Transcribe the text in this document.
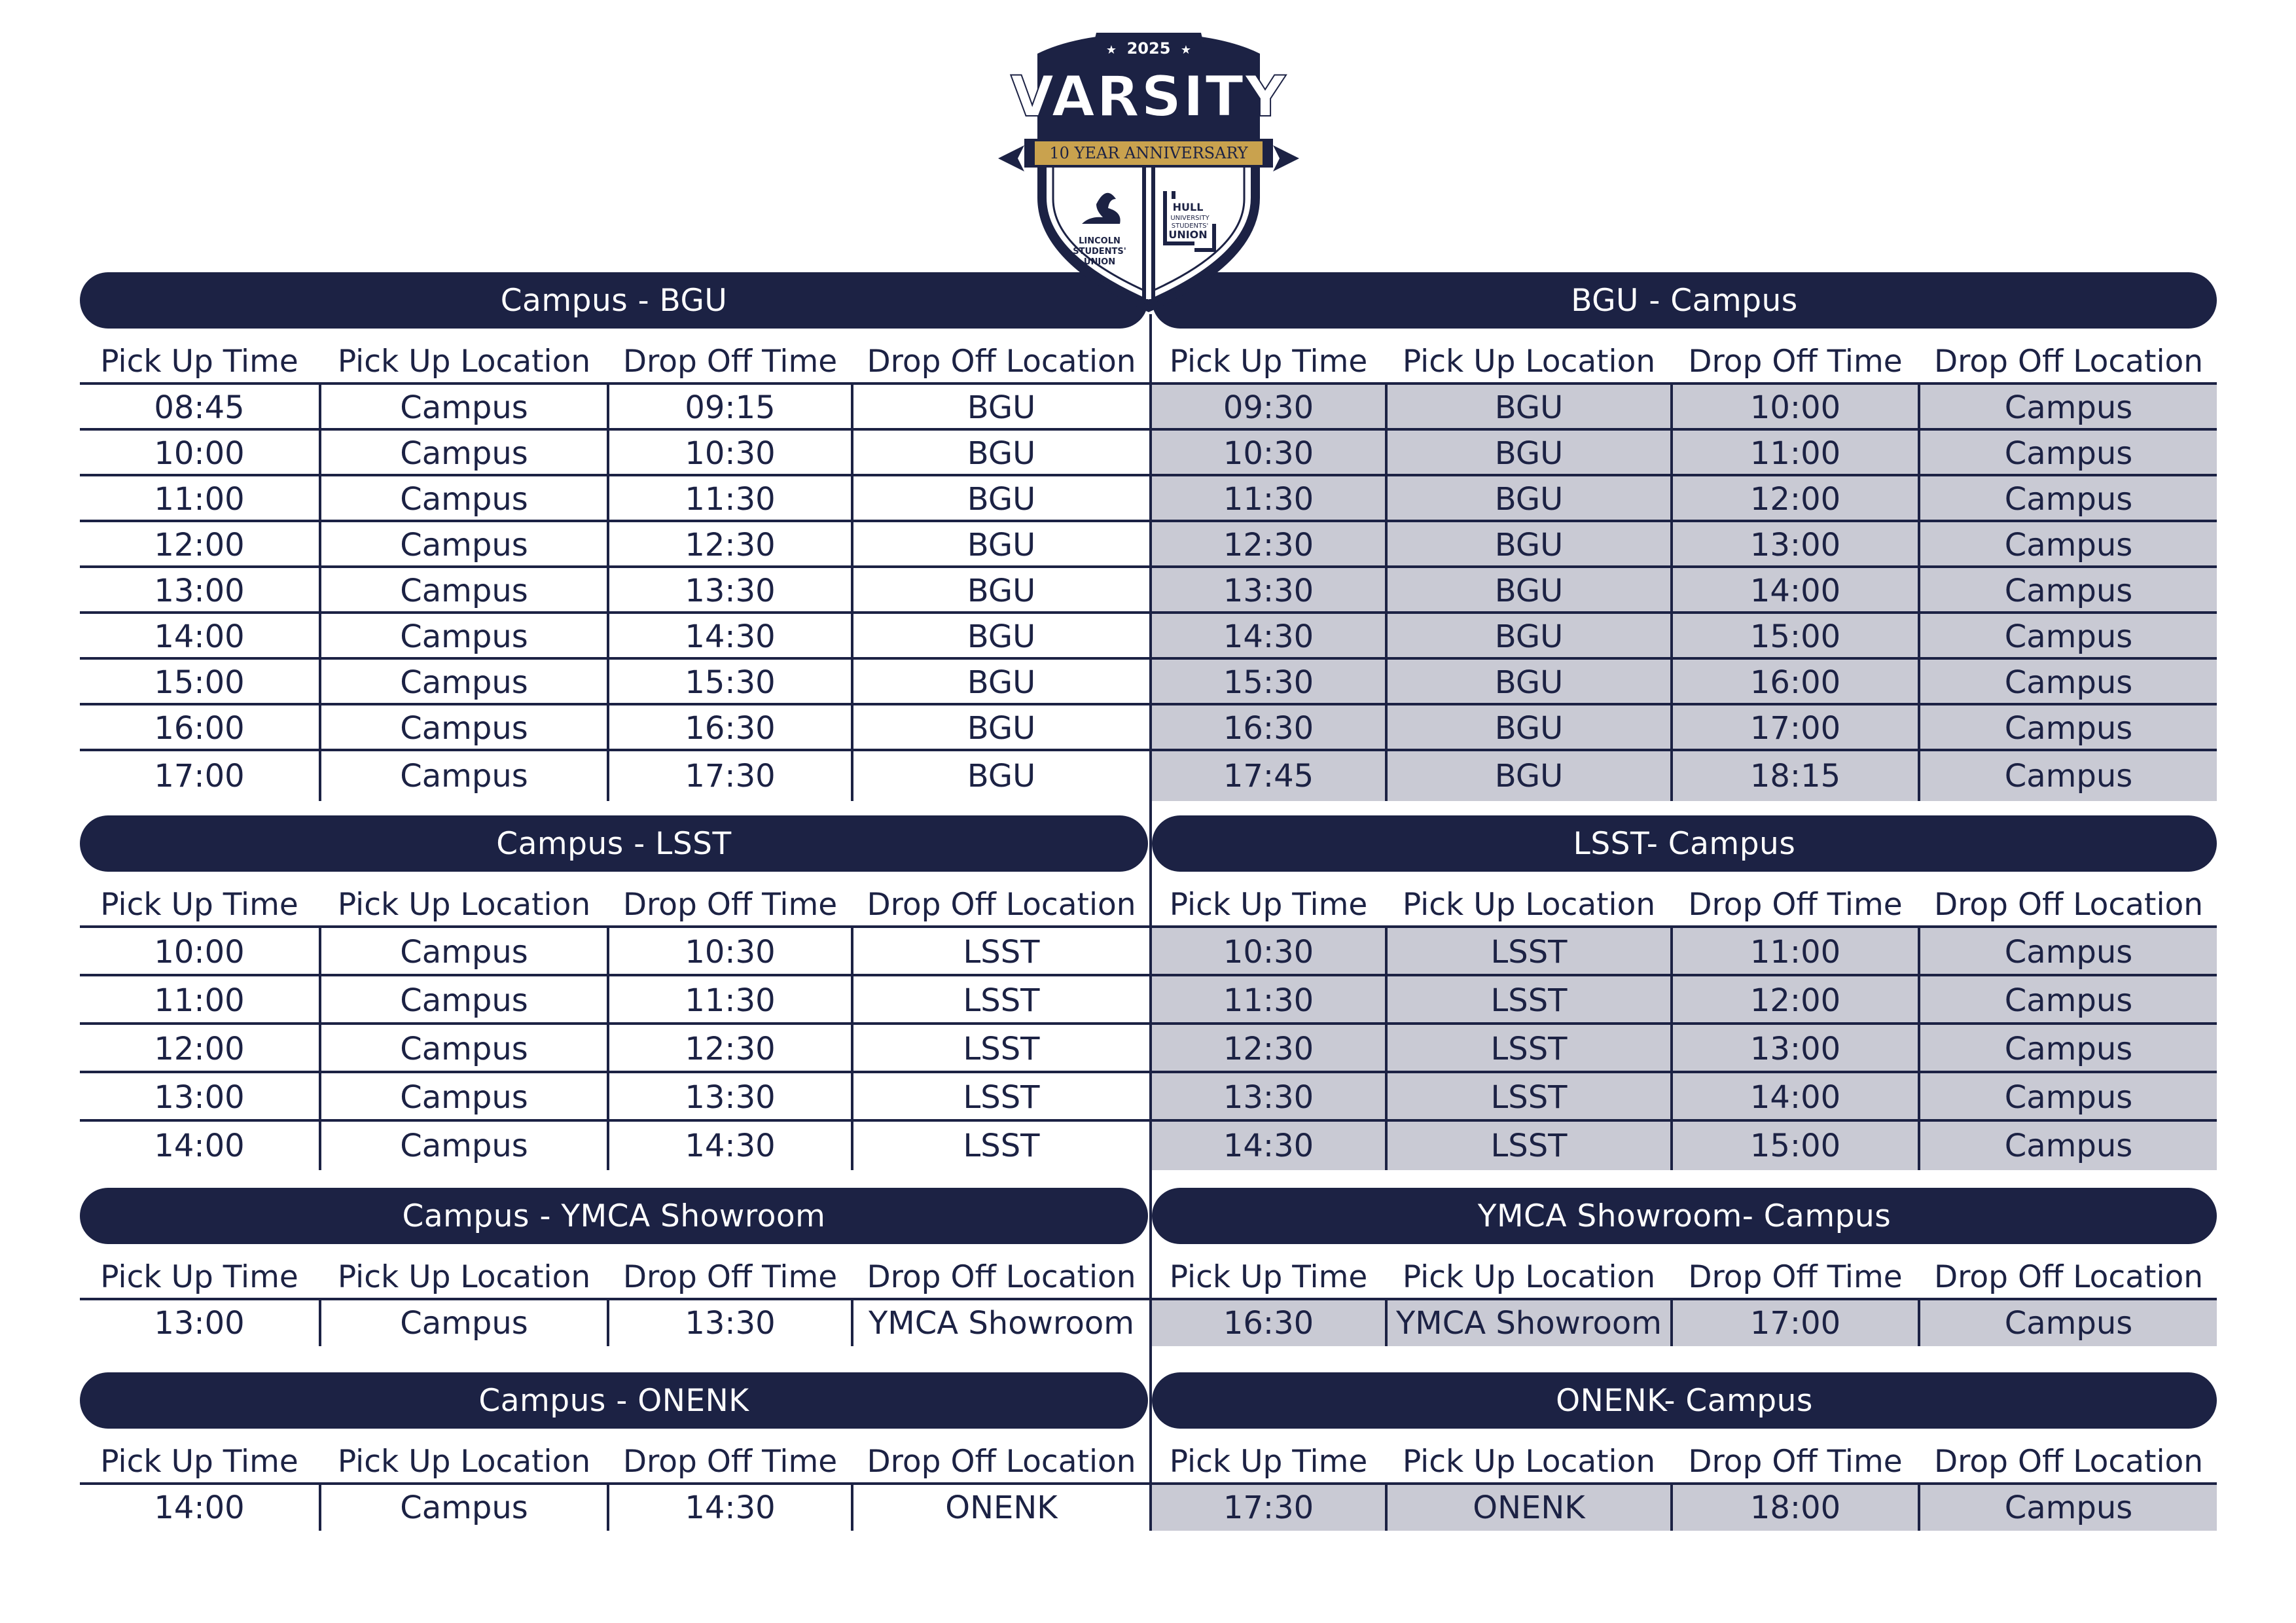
2025
★	★
VARSITY
10 YEAR ANNIVERSARY
LINCOLN
STUDENTS'
UNION
HULL
UNIVERSITY
STUDENTS'
UNION
Campus - BGU	BGU - Campus
Pick Up Time	Pick Up Location	Drop Off Time Drop Off Location	Pick Up Time	Pick Up Location	Drop Off Time	Drop Off Location
08:45	Campus	09:15	BGU	09:30	BGU	10:00	Campus
10:00	Campus	10:30	BGU	10:30	BGU	11:00	Campus
11:00	Campus	11:30	BGU	11:30	BGU	12:00	Campus
12:00	Campus	12:30	BGU	12:30	BGU	13:00	Campus
13:00	Campus	13:30	BGU	13:30	BGU	14:00	Campus
14:00	Campus	14:30	BGU	14:30	BGU	15:00	Campus
15:00	Campus	15:30	BGU	15:30	BGU	16:00	Campus
16:00	Campus	16:30	BGU	16:30	BGU	17:00	Campus
17:00	Campus	17:30	BGU	17:45	BGU	18:15	Campus
Campus - LSST	LSST- Campus
Pick Up Time	Pick Up Location	Drop Off Time Drop Off Location	Pick Up Time	Pick Up Location	Drop Off Time	Drop Off Location
10:00	Campus	10:30	LSST	10:30	LSST	11:00	Campus
11:00	Campus	11:30	LSST	11:30	LSST	12:00	Campus
12:00	Campus	12:30	LSST	12:30	LSST	13:00	Campus
13:00	Campus	13:30	LSST	13:30	LSST	14:00	Campus
14:00	Campus	14:30	LSST	14:30	LSST	15:00	Campus
Campus - YMCA Showroom	YMCA Showroom- Campus
Pick Up Time	Pick Up Location	Drop Off Time Drop Off Location	Pick Up Time	Pick Up Location	Drop Off Time	Drop Off Location
13:00	Campus	13:30	YMCA Showroom	16:30	YMCA Showroom	17:00	Campus
Campus - ONENK	ONENK- Campus
Pick Up Time	Pick Up Location	Drop Off Time Drop Off Location	Pick Up Time	Pick Up Location	Drop Off Time	Drop Off Location
14:00	Campus	14:30	ONENK	17:30	ONENK	18:00	Campus
